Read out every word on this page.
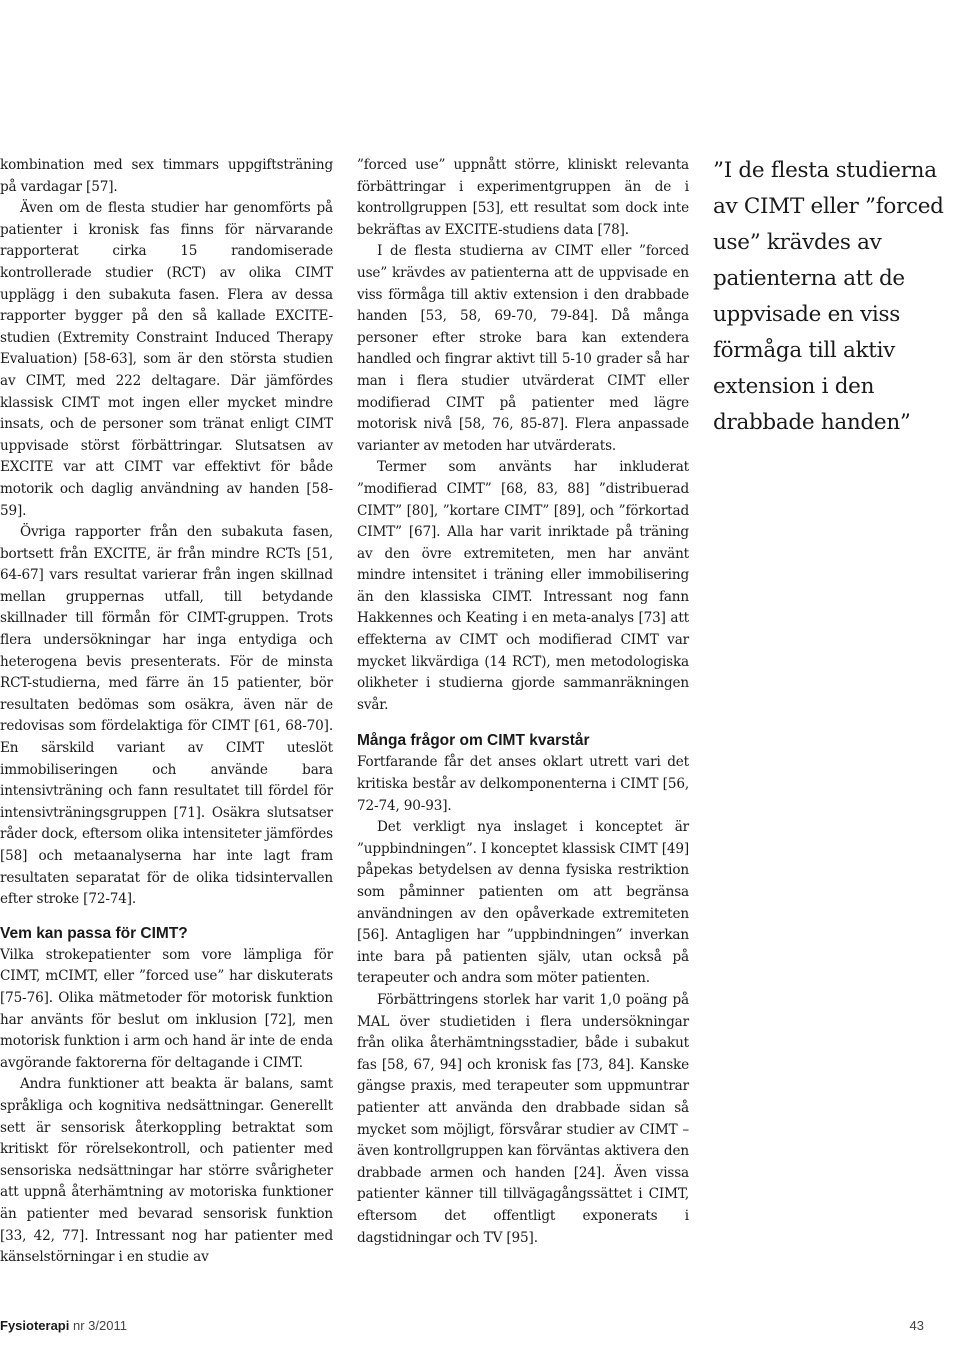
kombination med sex timmars uppgiftsträning på vardagar [57].

Även om de flesta studier har genomförts på patienter i kronisk fas finns för närvarande rapporterat cirka 15 randomiserade kontrollerade studier (RCT) av olika CIMT upplägg i den subakuta fasen. Flera av dessa rapporter bygger på den så kallade EXCITE-studien (Extremity Constraint Induced Therapy Evaluation) [58-63], som är den största studien av CIMT, med 222 deltagare. Där jämfördes klassisk CIMT mot ingen eller mycket mindre insats, och de personer som tränat enligt CIMT uppvisade störst förbättringar. Slutsatsen av EXCITE var att CIMT var effektivt för både motorik och daglig användning av handen [58-59].

Övriga rapporter från den subakuta fasen, bortsett från EXCITE, är från mindre RCTs [51, 64-67] vars resultat varierar från ingen skillnad mellan gruppernas utfall, till betydande skillnader till förmån för CIMT-gruppen. Trots flera undersökningar har inga entydiga och heterogena bevis presenterats. För de minsta RCT-studierna, med färre än 15 patienter, bör resultaten bedömas som osäkra, även när de redovisas som fördelaktiga för CIMT [61, 68-70]. En särskild variant av CIMT uteslöt immobiliseringen och använde bara intensivträning och fann resultatet till fördel för intensivträningsgruppen [71]. Osäkra slutsatser råder dock, eftersom olika intensiteter jämfördes [58] och metaanalyserna har inte lagt fram resultaten separatat för de olika tidsintervallen efter stroke [72-74].

Vem kan passa för CIMT?

Vilka strokepatienter som vore lämpliga för CIMT, mCIMT, eller ”forced use” har diskuterats [75-76]. Olika mätmetoder för motorisk funktion har använts för beslut om inklusion [72], men motorisk funktion i arm och hand är inte de enda avgörande faktorerna för deltagande i CIMT.

Andra funktioner att beakta är balans, samt språkliga och kognitiva nedsättningar. Generellt sett är sensorisk återkoppling betraktat som kritiskt för rörelsekontroll, och patienter med sensoriska nedsättningar har större svårigheter att uppnå återhämtning av motoriska funktioner än patienter med bevarad sensorisk funktion [33, 42, 77]. Intressant nog har patienter med känselstörningar i en studie av

”forced use” uppnått större, kliniskt relevanta förbättringar i experimentgruppen än de i kontrollgruppen [53], ett resultat som dock inte bekräftas av EXCITE-studiens data [78].

I de flesta studierna av CIMT eller ”forced use” krävdes av patienterna att de uppvisade en viss förmåga till aktiv extension i den drabbade handen [53, 58, 69-70, 79-84]. Då många personer efter stroke bara kan extendera handled och fingrar aktivt till 5-10 grader så har man i flera studier utvärderat CIMT eller modifierad CIMT på patienter med lägre motorisk nivå [58, 76, 85-87]. Flera anpassade varianter av metoden har utvärderats.

Termer som använts har inkluderat ”modifierad CIMT” [68, 83, 88] ”distribuerad CIMT” [80], ”kortare CIMT” [89], och ”förkortad CIMT” [67]. Alla har varit inriktade på träning av den övre extremiteten, men har använt mindre intensitet i träning eller immobilisering än den klassiska CIMT. Intressant nog fann Hakkennes och Keating i en meta-analys [73] att effekterna av CIMT och modifierad CIMT var mycket likvärdiga (14 RCT), men metodologiska olikheter i studierna gjorde sammanräkningen svår.

Många frågor om CIMT kvarstår

Fortfarande får det anses oklart utrett vari det kritiska består av delkomponenterna i CIMT [56, 72-74, 90-93].

Det verkligt nya inslaget i konceptet är ”uppbindningen”. I konceptet klassisk CIMT [49] påpekas betydelsen av denna fysiska restriktion som påminner patienten om att begränsa användningen av den opåverkade extremiteten [56]. Antagligen har ”uppbindningen” inverkan inte bara på patienten själv, utan också på terapeuter och andra som möter patienten.

Förbättringens storlek har varit 1,0 poäng på MAL över studietiden i flera undersökningar från olika återhämtningsstadier, både i subakut fas [58, 67, 94] och kronisk fas [73, 84]. Kanske gängse praxis, med terapeuter som uppmuntrar patienter att använda den drabbade sidan så mycket som möjligt, försvårar studier av CIMT – även kontrollgruppen kan förväntas aktivera den drabbade armen och handen [24]. Även vissa patienter känner till tillvägagångssättet i CIMT, eftersom det offentligt exponerats i dagstidningar och TV [95].

”I de flesta studierna av CIMT eller ”forced use” krävdes av patienterna att de uppvisade en viss förmåga till aktiv extension i den drabbade handen”
Fysioterapi nr 3/2011	43
